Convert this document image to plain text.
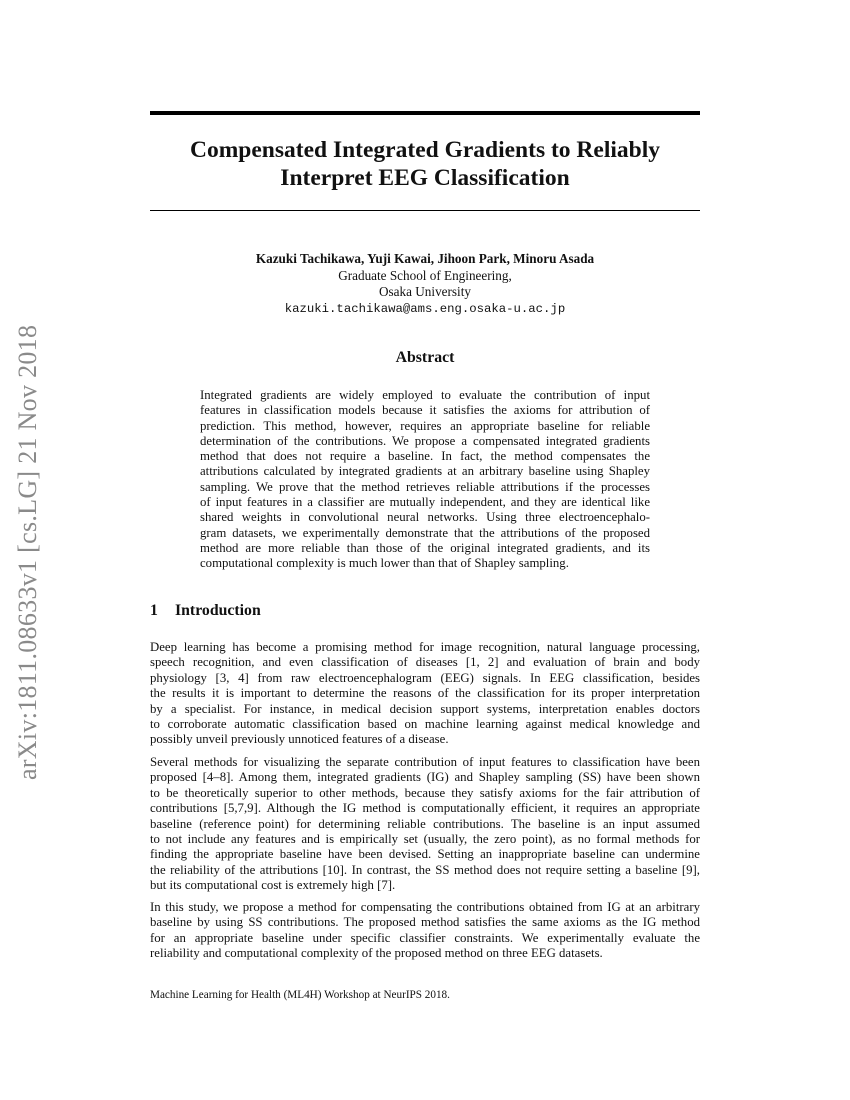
arXiv:1811.08633v1 [cs.LG] 21 Nov 2018
Compensated Integrated Gradients to Reliably
Interpret EEG Classification
Kazuki Tachikawa, Yuji Kawai, Jihoon Park, Minoru Asada
Graduate School of Engineering,
Osaka University
kazuki.tachikawa@ams.eng.osaka-u.ac.jp
Abstract
Integrated gradients are widely employed to evaluate the contribution of input
features in classification models because it satisfies the axioms for attribution of
prediction. This method, however, requires an appropriate baseline for reliable
determination of the contributions. We propose a compensated integrated gradients
method that does not require a baseline. In fact, the method compensates the
attributions calculated by integrated gradients at an arbitrary baseline using Shapley
sampling. We prove that the method retrieves reliable attributions if the processes
of input features in a classifier are mutually independent, and they are identical like
shared weights in convolutional neural networks. Using three electroencephalo-
gram datasets, we experimentally demonstrate that the attributions of the proposed
method are more reliable than those of the original integrated gradients, and its
computational complexity is much lower than that of Shapley sampling.
1 Introduction
Deep learning has become a promising method for image recognition, natural language processing,
speech recognition, and even classification of diseases [1, 2] and evaluation of brain and body
physiology [3, 4] from raw electroencephalogram (EEG) signals. In EEG classification, besides
the results it is important to determine the reasons of the classification for its proper interpretation
by a specialist. For instance, in medical decision support systems, interpretation enables doctors
to corroborate automatic classification based on machine learning against medical knowledge and
possibly unveil previously unnoticed features of a disease.
Several methods for visualizing the separate contribution of input features to classification have been
proposed [4–8]. Among them, integrated gradients (IG) and Shapley sampling (SS) have been shown
to be theoretically superior to other methods, because they satisfy axioms for the fair attribution of
contributions [5,7,9]. Although the IG method is computationally efficient, it requires an appropriate
baseline (reference point) for determining reliable contributions. The baseline is an input assumed
to not include any features and is empirically set (usually, the zero point), as no formal methods for
finding the appropriate baseline have been devised. Setting an inappropriate baseline can undermine
the reliability of the attributions [10]. In contrast, the SS method does not require setting a baseline [9],
but its computational cost is extremely high [7].
In this study, we propose a method for compensating the contributions obtained from IG at an arbitrary
baseline by using SS contributions. The proposed method satisfies the same axioms as the IG method
for an appropriate baseline under specific classifier constraints. We experimentally evaluate the
reliability and computational complexity of the proposed method on three EEG datasets.
Machine Learning for Health (ML4H) Workshop at NeurIPS 2018.
